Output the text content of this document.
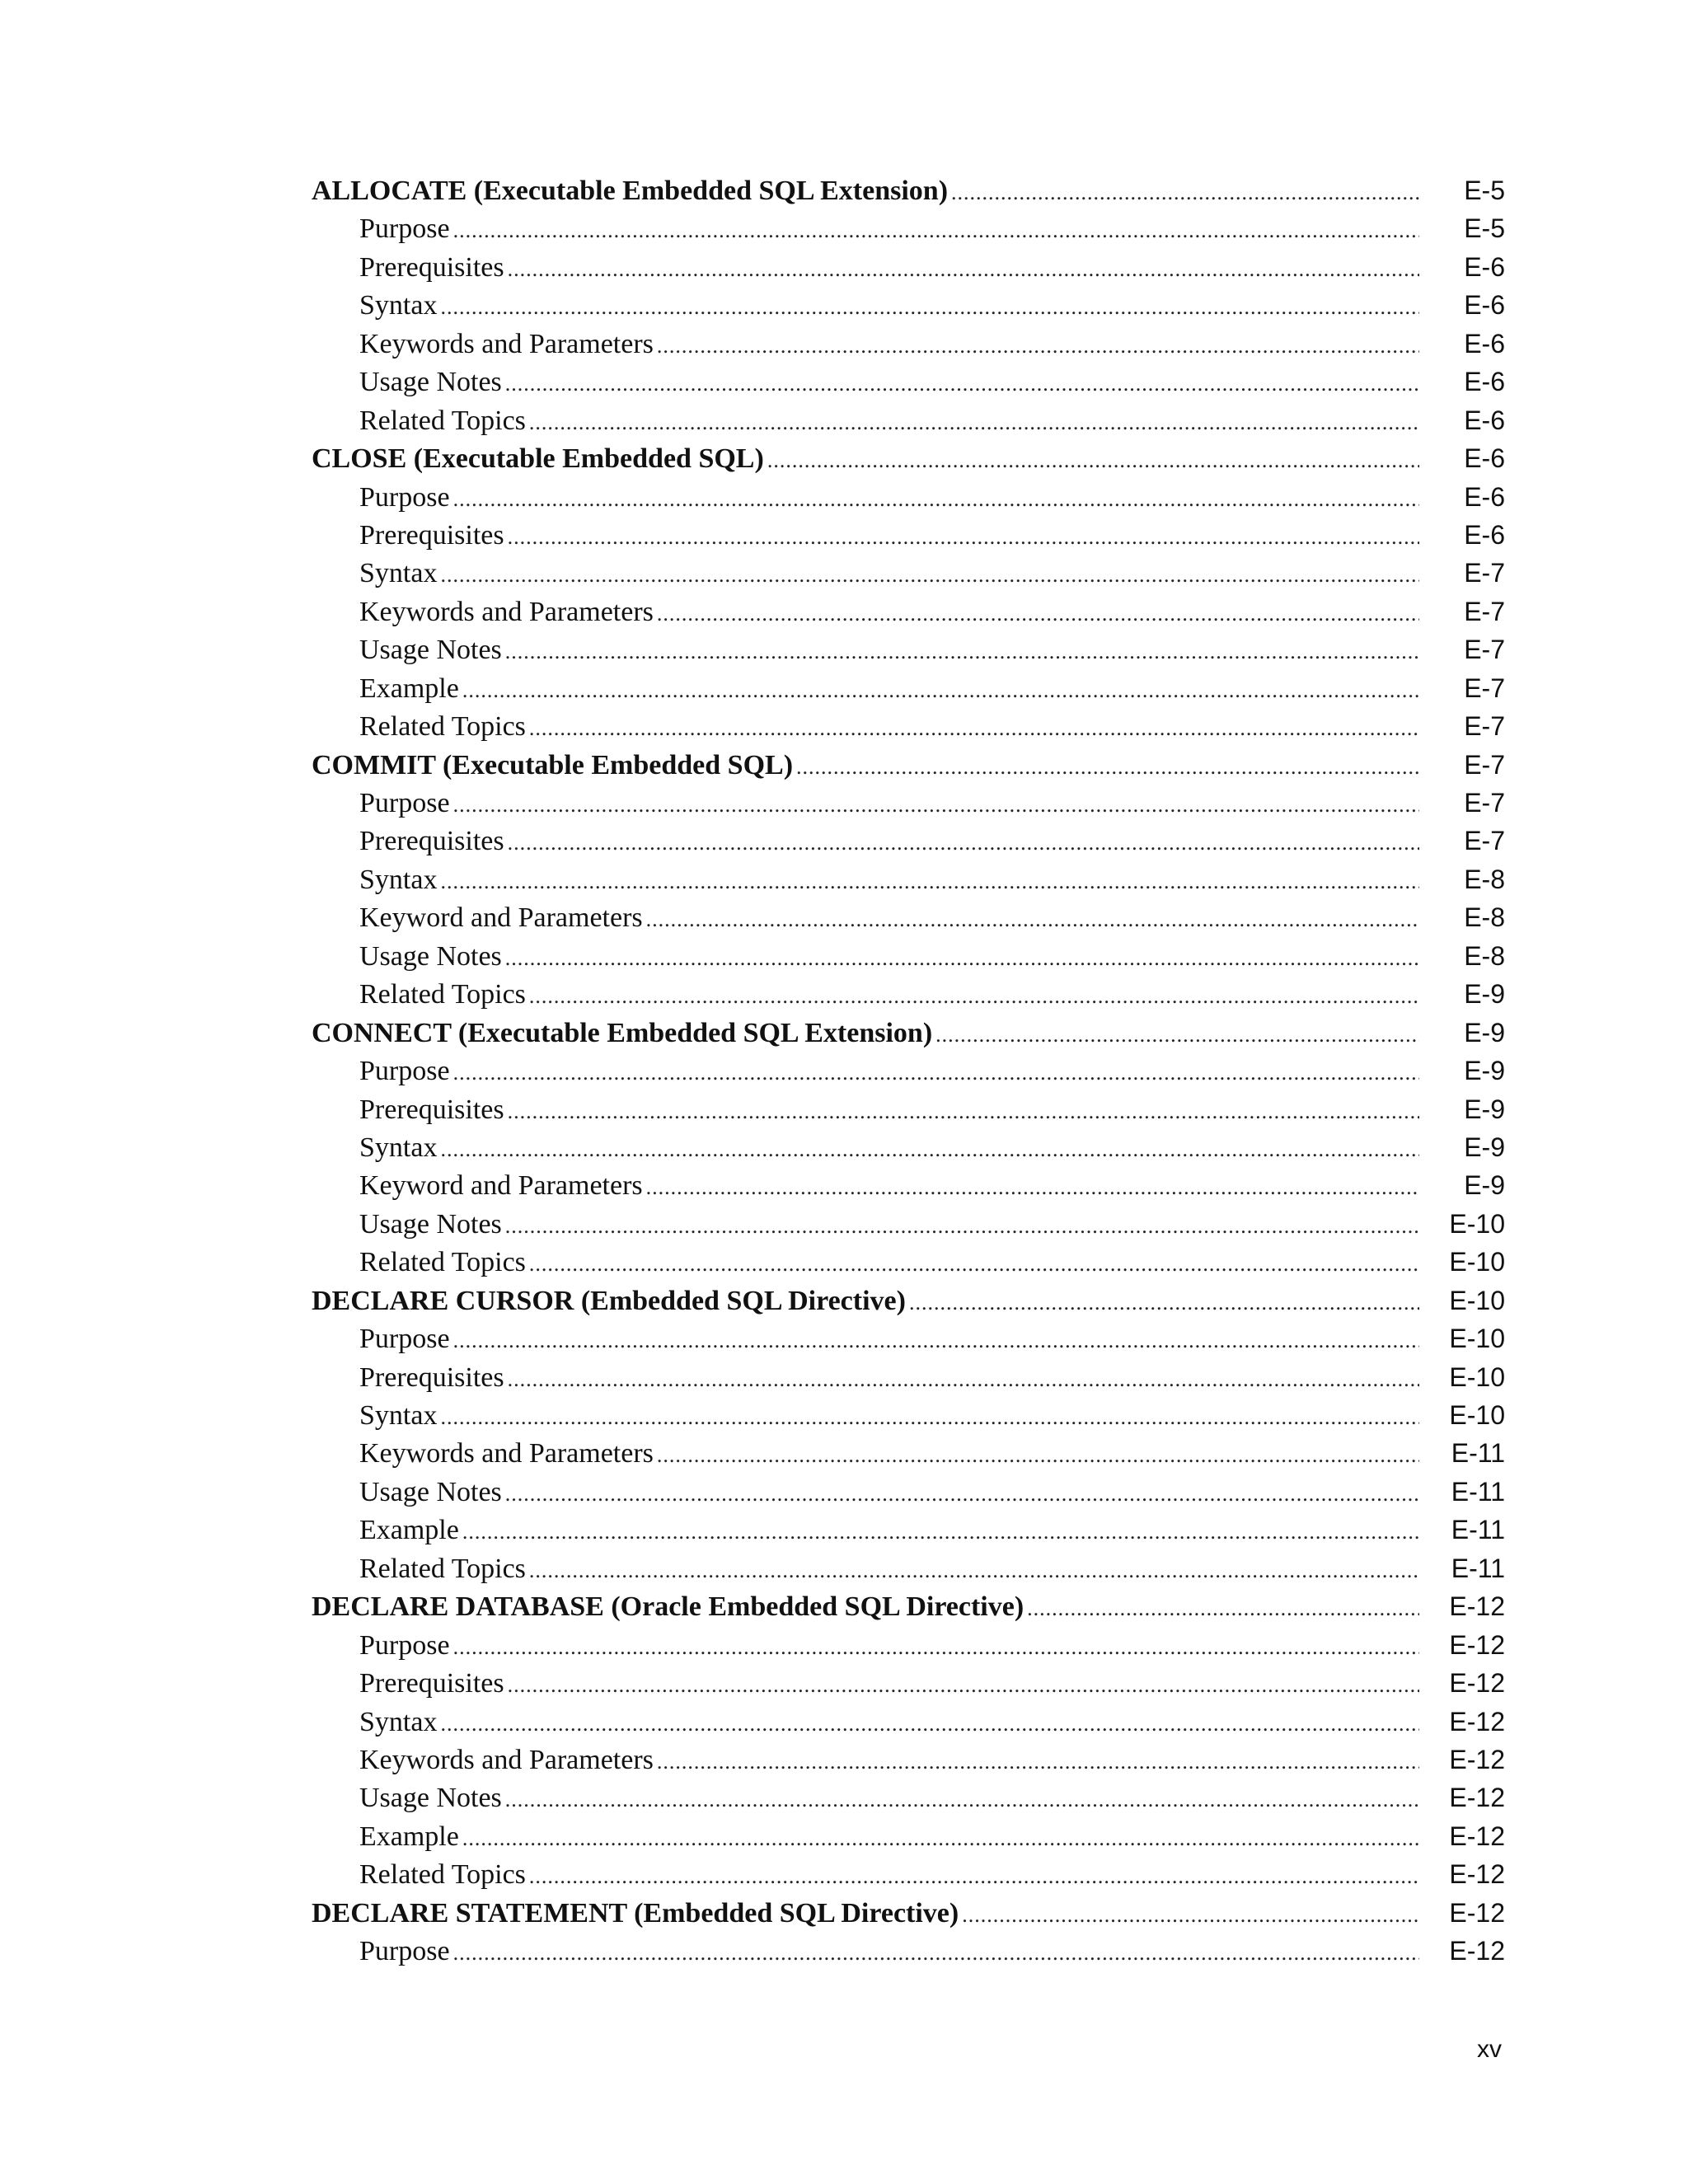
ALLOCATE (Executable Embedded SQL Extension) .....	E-5
Purpose .....	E-5
Prerequisites .....	E-6
Syntax .....	E-6
Keywords and Parameters .....	E-6
Usage Notes .....	E-6
Related Topics .....	E-6
CLOSE (Executable Embedded SQL) .....	E-6
Purpose .....	E-6
Prerequisites .....	E-6
Syntax .....	E-7
Keywords and Parameters .....	E-7
Usage Notes .....	E-7
Example .....	E-7
Related Topics .....	E-7
COMMIT (Executable Embedded SQL) .....	E-7
Purpose .....	E-7
Prerequisites .....	E-7
Syntax .....	E-8
Keyword and Parameters .....	E-8
Usage Notes .....	E-8
Related Topics .....	E-9
CONNECT (Executable Embedded SQL Extension) .....	E-9
Purpose .....	E-9
Prerequisites .....	E-9
Syntax .....	E-9
Keyword and Parameters .....	E-9
Usage Notes .....	E-10
Related Topics .....	E-10
DECLARE CURSOR (Embedded SQL Directive) .....	E-10
Purpose .....	E-10
Prerequisites .....	E-10
Syntax .....	E-10
Keywords and Parameters .....	E-11
Usage Notes .....	E-11
Example .....	E-11
Related Topics .....	E-11
DECLARE DATABASE (Oracle Embedded SQL Directive) .....	E-12
Purpose .....	E-12
Prerequisites .....	E-12
Syntax .....	E-12
Keywords and Parameters .....	E-12
Usage Notes .....	E-12
Example .....	E-12
Related Topics .....	E-12
DECLARE STATEMENT (Embedded SQL Directive) .....	E-12
Purpose .....	E-12
xv
